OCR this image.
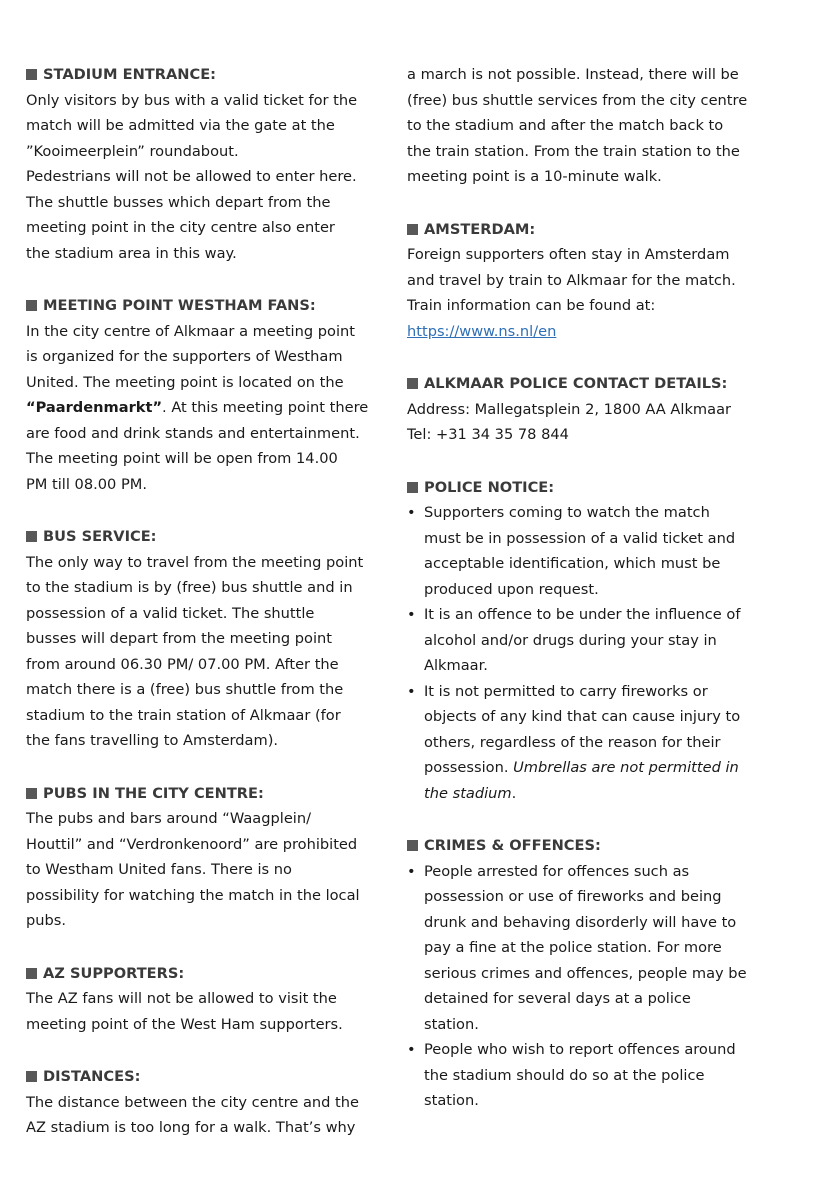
STADIUM ENTRANCE:
Only visitors by bus with a valid ticket for the
match will be admitted via the gate at the
”Kooimeerplein” roundabout.
Pedestrians will not be allowed to enter here.
The shuttle busses which depart from the
meeting point in the city centre also enter
the stadium area in this way.
MEETING POINT WESTHAM FANS:
In the city centre of Alkmaar a meeting point
is organized for the supporters of Westham
United. The meeting point is located on the
“Paardenmarkt”. At this meeting point there
are food and drink stands and entertainment.
The meeting point will be open from 14.00
PM till 08.00 PM.
BUS SERVICE:
The only way to travel from the meeting point
to the stadium is by (free) bus shuttle and in
possession of a valid ticket. The shuttle
busses will depart from the meeting point
from around 06.30 PM/ 07.00 PM. After the
match there is a (free) bus shuttle from the
stadium to the train station of Alkmaar (for
the fans travelling to Amsterdam).
PUBS IN THE CITY CENTRE:
The pubs and bars around “Waagplein/
Houttil” and “Verdronkenoord” are prohibited
to Westham United fans. There is no
possibility for watching the match in the local
pubs.
AZ SUPPORTERS:
The AZ fans will not be allowed to visit the
meeting point of the West Ham supporters.
DISTANCES:
The distance between the city centre and the
AZ stadium is too long for a walk. That’s why
a march is not possible. Instead, there will be
(free) bus shuttle services from the city centre
to the stadium and after the match back to
the train station. From the train station to the
meeting point is a 10-minute walk.
AMSTERDAM:
Foreign supporters often stay in Amsterdam
and travel by train to Alkmaar for the match.
Train information can be found at:
https://www.ns.nl/en
ALKMAAR POLICE CONTACT DETAILS:
Address: Mallegatsplein 2, 1800 AA Alkmaar
Tel: +31 34 35 78 844
POLICE NOTICE:
• Supporters coming to watch the match
must be in possession of a valid ticket and
acceptable identification, which must be
produced upon request.
• It is an offence to be under the influence of
alcohol and/or drugs during your stay in
Alkmaar.
• It is not permitted to carry fireworks or
objects of any kind that can cause injury to
others, regardless of the reason for their
possession. Umbrellas are not permitted in
the stadium.
CRIMES & OFFENCES:
• People arrested for offences such as
possession or use of fireworks and being
drunk and behaving disorderly will have to
pay a fine at the police station. For more
serious crimes and offences, people may be
detained for several days at a police
station.
• People who wish to report offences around
the stadium should do so at the police
station.
